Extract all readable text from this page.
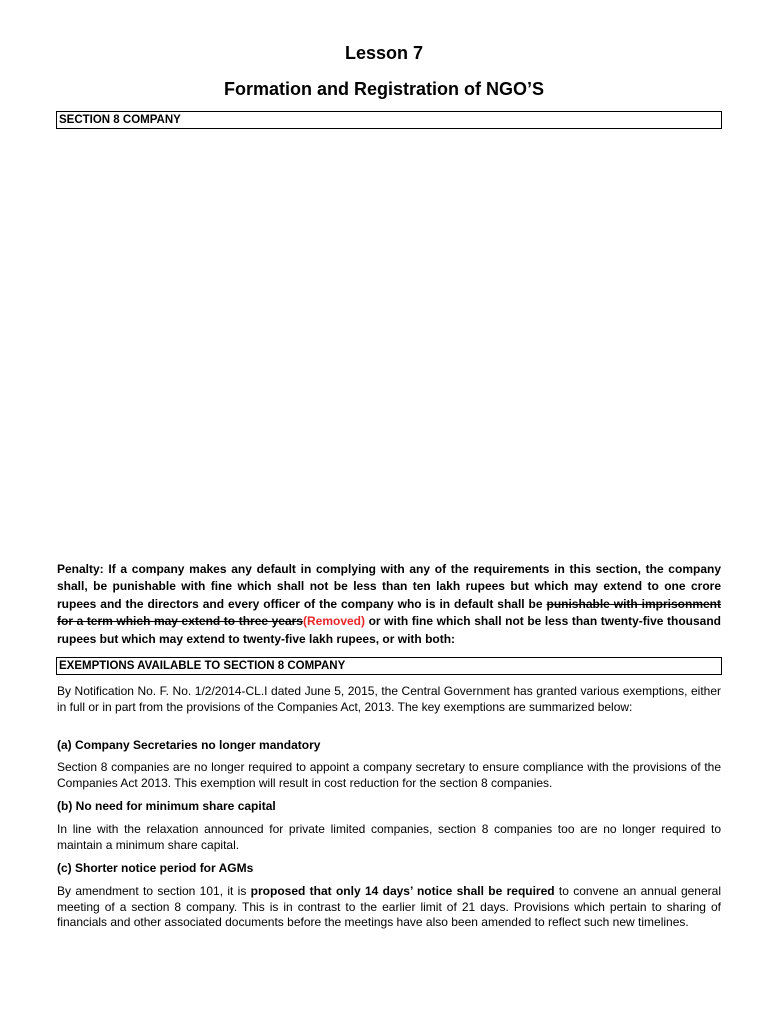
Lesson 7
Formation and Registration of NGO’S
SECTION 8 COMPANY

Penalty: If a company makes any default in complying with any of the requirements in this section, the company shall, be punishable with fine which shall not be less than ten lakh rupees but which may extend to one crore rupees and the directors and every officer of the company who is in default shall be punishable with imprisonment for a term which may extend to three years(Removed) or with fine which shall not be less than twenty-five thousand rupees but which may extend to twenty-five lakh rupees, or with both:

EXEMPTIONS AVAILABLE TO SECTION 8 COMPANY

By Notification No. F. No. 1/2/2014-CL.I dated June 5, 2015, the Central Government has granted various exemptions, either in full or in part from the provisions of the Companies Act, 2013. The key exemptions are summarized below:

(a) Company Secretaries no longer mandatory

Section 8 companies are no longer required to appoint a company secretary to ensure compliance with the provisions of the Companies Act 2013. This exemption will result in cost reduction for the section 8 companies.

(b) No need for minimum share capital

In line with the relaxation announced for private limited companies, section 8 companies too are no longer required to maintain a minimum share capital.

(c) Shorter notice period for AGMs

By amendment to section 101, it is proposed that only 14 days’ notice shall be required to convene an annual general meeting of a section 8 company. This is in contrast to the earlier limit of 21 days. Provisions which pertain to sharing of financials and other associated documents before the meetings have also been amended to reflect such new timelines.
